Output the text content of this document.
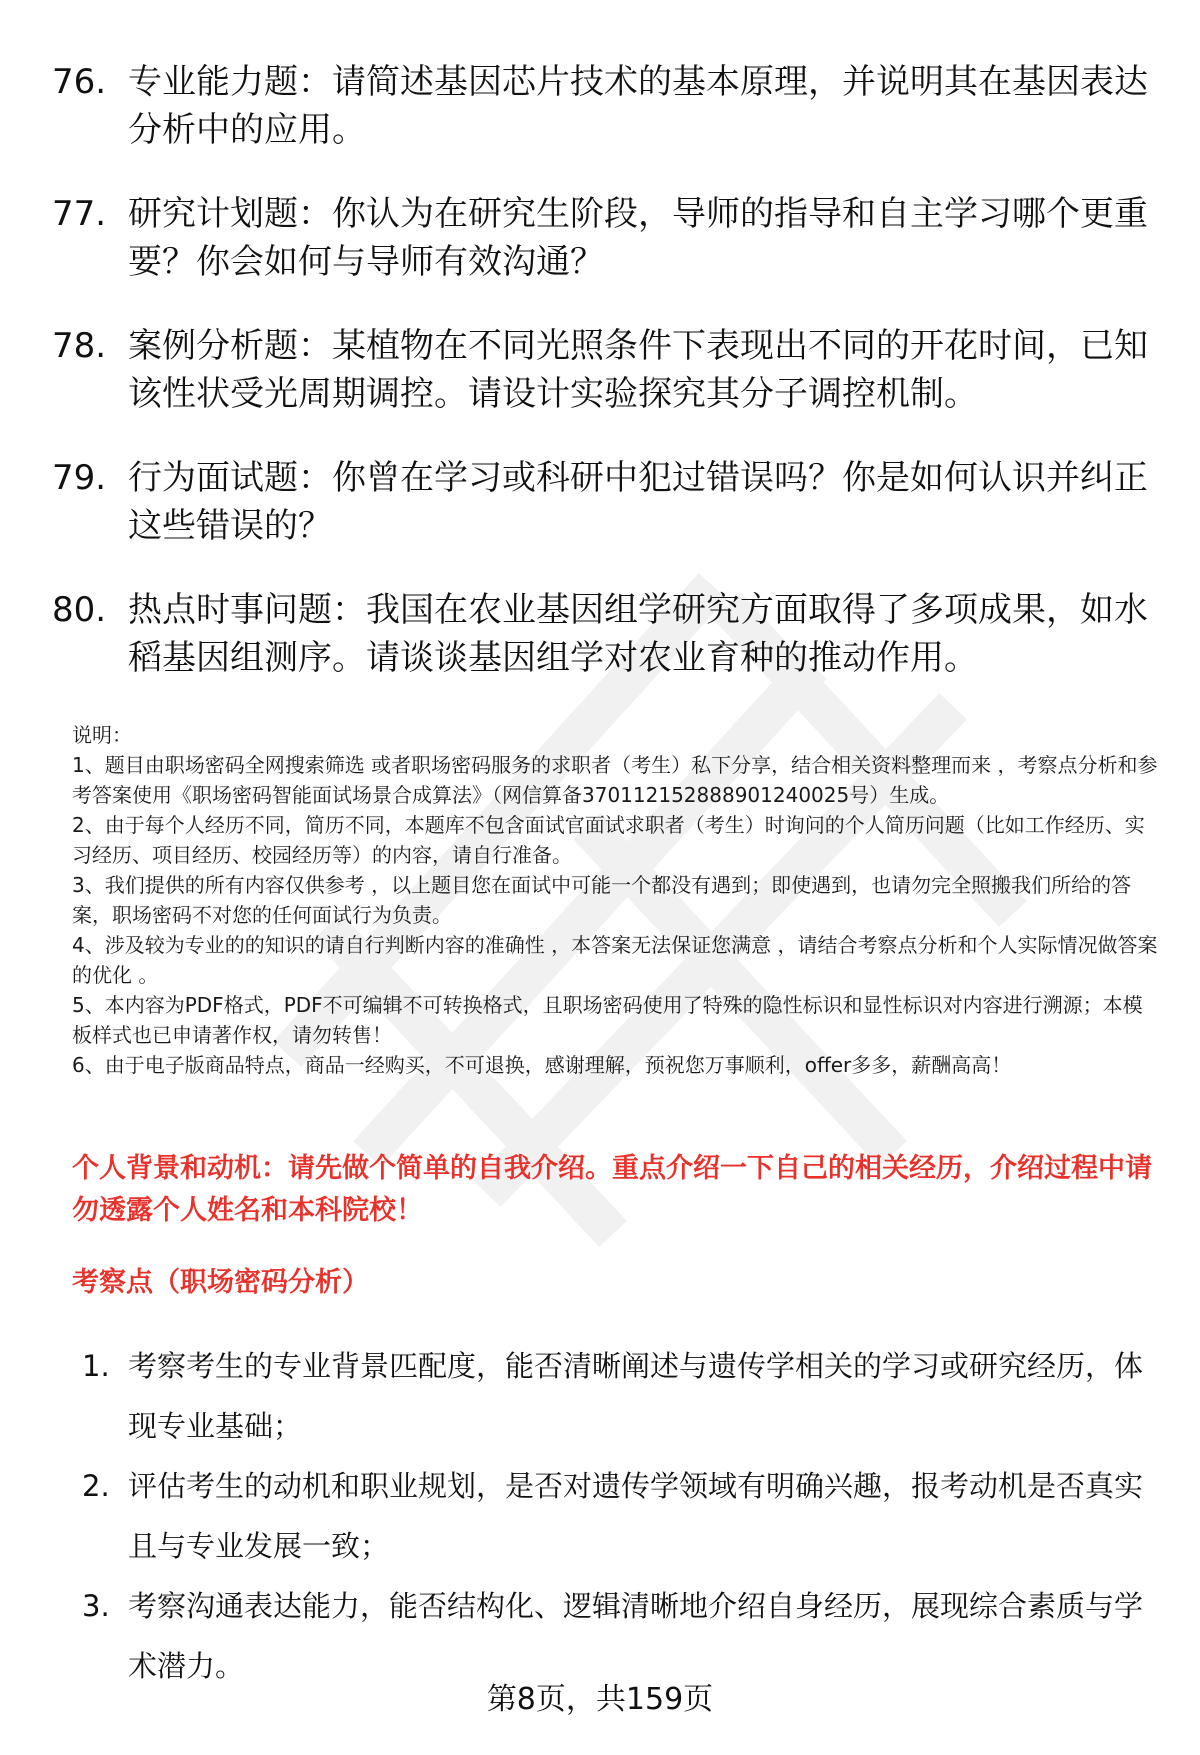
76. 专业能力题：请简述基因芯片技术的基本原理，并说明其在基因表达分析中的应用。
77. 研究计划题：你认为在研究生阶段，导师的指导和自主学习哪个更重要？你会如何与导师有效沟通？
78. 案例分析题：某植物在不同光照条件下表现出不同的开花时间，已知该性状受光周期调控。请设计实验探究其分子调控机制。
79. 行为面试题：你曾在学习或科研中犯过错误吗？你是如何认识并纠正这些错误的？
80. 热点时事问题：我国在农业基因组学研究方面取得了多项成果，如水稻基因组测序。请谈谈基因组学对农业育种的推动作用。

说明：

1、题目由职场密码全网搜索筛选 或者职场密码服务的求职者（考生）私下分享，结合相关资料整理而来 ，考察点分析和参考答案使用《职场密码智能面试场景合成算法》（网信算备370112152888901240025号）生成。

2、由于每个人经历不同，简历不同，本题库不包含面试官面试求职者（考生）时询问的个人简历问题（比如工作经历、实习经历、项目经历、校园经历等）的内容，请自行准备。

3、我们提供的所有内容仅供参考 ，以上题目您在面试中可能一个都没有遇到；即使遇到，也请勿完全照搬我们所给的答案，职场密码不对您的任何面试行为负责。

4、涉及较为专业的的知识的请自行判断内容的准确性 ，本答案无法保证您满意 ，请结合考察点分析和个人实际情况做答案的优化 。

5、本内容为PDF格式，PDF不可编辑不可转换格式，且职场密码使用了特殊的隐性标识和显性标识对内容进行溯源；本模板样式也已申请著作权，请勿转售！

6、由于电子版商品特点，商品一经购买，不可退换，感谢理解，预祝您万事顺利，offer多多，薪酬高高！

个人背景和动机：请先做个简单的自我介绍。重点介绍一下自己的相关经历，介绍过程中请勿透露个人姓名和本科院校！
考察点（职场密码分析）
1. 考察考生的专业背景匹配度，能否清晰阐述与遗传学相关的学习或研究经历，体现专业基础；
2. 评估考生的动机和职业规划，是否对遗传学领域有明确兴趣，报考动机是否真实且与专业发展一致；
3. 考察沟通表达能力，能否结构化、逻辑清晰地介绍自身经历，展现综合素质与学术潜力。
第8页，共159页
